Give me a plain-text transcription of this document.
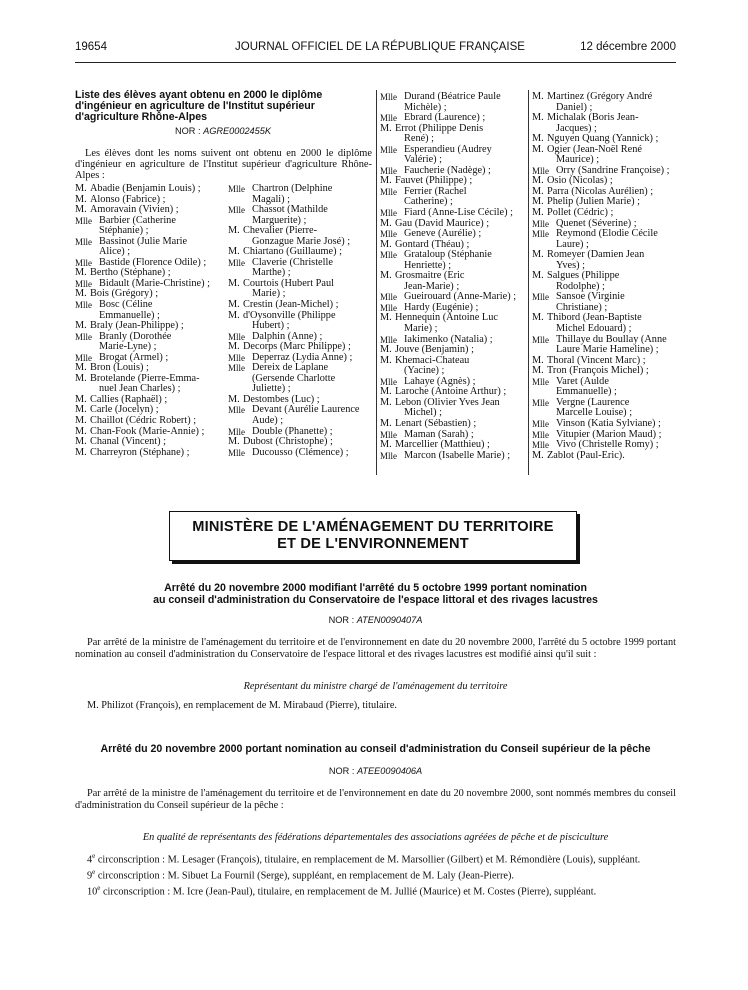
19654	JOURNAL OFFICIEL DE LA RÉPUBLIQUE FRANÇAISE	12 décembre 2000
Liste des élèves ayant obtenu en 2000 le diplôme d'ingénieur en agriculture de l'Institut supérieur d'agriculture Rhône-Alpes
NOR : AGRE0002455K
Les élèves dont les noms suivent ont obtenu en 2000 le diplôme d'ingénieur en agriculture de l'Institut supérieur d'agriculture Rhône-Alpes :
M. Abadie (Benjamin Louis) ;
M. Alonso (Fabrice) ;
M. Amoravain (Vivien) ;
Mlle Barbier (Catherine
Stéphanie) ;
Mlle Bassinot (Julie Marie
Alice) ;
Mlle Bastide (Florence Odile) ;
M. Bertho (Stéphane) ;
Mlle Bidault (Marie-Christine) ;
M. Bois (Grégory) ;
Mlle Bosc (Céline
Emmanuelle) ;
M. Braly (Jean-Philippe) ;
Mlle Branly (Dorothée
Marie-Lyne) ;
Mlle Brogat (Armel) ;
M. Bron (Louis) ;
M. Brotelande (Pierre-Emma-
nuel Jean Charles) ;
M. Callies (Raphaël) ;
M. Carle (Jocelyn) ;
M. Chaillot (Cédric Robert) ;
M. Chan-Fook (Marie-Annie) ;
M. Chanal (Vincent) ;
M. Charreyron (Stéphane) ;
Mlle Chartron (Delphine
Magali) ;
Mlle Chassot (Mathilde
Marguerite) ;
M. Chevalier (Pierre-
Gonzague Marie José) ;
M. Chiartano (Guillaume) ;
Mlle Claverie (Christelle
Marthe) ;
M. Courtois (Hubert Paul
Marie) ;
M. Crestin (Jean-Michel) ;
M. d'Oysonville (Philippe
Hubert) ;
Mlle Dalphin (Anne) ;
M. Decorps (Marc Philippe) ;
Mlle Deperraz (Lydia Anne) ;
Mlle Dereix de Laplane
(Gersende Charlotte
Juliette) ;
M. Destombes (Luc) ;
Mlle Devant (Aurélie Laurence
Aude) ;
Mlle Double (Phanette) ;
M. Dubost (Christophe) ;
Mlle Ducousso (Clémence) ;
Mlle Durand (Béatrice Paule
Michèle) ;
Mlle Ebrard (Laurence) ;
M. Errot (Philippe Denis
René) ;
Mlle Esperandieu (Audrey
Valérie) ;
Mlle Faucherie (Nadège) ;
M. Fauvet (Philippe) ;
Mlle Ferrier (Rachel
Catherine) ;
Mlle Fiard (Anne-Lise Cécile) ;
M. Gau (David Maurice) ;
Mlle Geneve (Aurélie) ;
M. Gontard (Théau) ;
Mlle Grataloup (Stéphanie
Henriette) ;
M. Grosmaitre (Eric
Jean-Marie) ;
Mlle Gueirouard (Anne-Marie) ;
Mlle Hardy (Eugénie) ;
M. Hennequin (Antoine Luc
Marie) ;
Mlle Iakimenko (Natalia) ;
M. Jouve (Benjamin) ;
M. Khemaci-Chateau
(Yacine) ;
Mlle Lahaye (Agnès) ;
M. Laroche (Antoine Arthur) ;
M. Lebon (Olivier Yves Jean
Michel) ;
M. Lenart (Sébastien) ;
Mlle Maman (Sarah) ;
M. Marcellier (Matthieu) ;
Mlle Marcon (Isabelle Marie) ;
M. Martinez (Grégory André
Daniel) ;
M. Michalak (Boris Jean-
Jacques) ;
M. Nguyen Quang (Yannick) ;
M. Ogier (Jean-Noël René
Maurice) ;
Mlle Orry (Sandrine Françoise) ;
M. Osio (Nicolas) ;
M. Parra (Nicolas Aurélien) ;
M. Phelip (Julien Marie) ;
M. Pollet (Cédric) ;
Mlle Quenet (Séverine) ;
Mlle Reymond (Elodie Cécile
Laure) ;
M. Romeyer (Damien Jean
Yves) ;
M. Salgues (Philippe
Rodolphe) ;
Mlle Sansoe (Virginie
Christiane) ;
M. Thibord (Jean-Baptiste
Michel Edouard) ;
Mlle Thillaye du Boullay (Anne
Laure Marie Hameline) ;
M. Thoral (Vincent Marc) ;
M. Tron (François Michel) ;
Mlle Varet (Aulde
Emmanuelle) ;
Mlle Vergne (Laurence
Marcelle Louise) ;
Mlle Vinson (Katia Sylviane) ;
Mlle Vitupier (Marion Maud) ;
Mlle Vivo (Christelle Romy) ;
M. Zablot (Paul-Eric).
MINISTÈRE DE L'AMÉNAGEMENT DU TERRITOIRE
ET DE L'ENVIRONNEMENT
Arrêté du 20 novembre 2000 modifiant l'arrêté du 5 octobre 1999 portant nomination
au conseil d'administration du Conservatoire de l'espace littoral et des rivages lacustres
NOR : ATEN0090407A
Par arrêté de la ministre de l'aménagement du territoire et de l'environnement en date du 20 novembre 2000, l'arrêté du 5 octobre 1999 portant nomination au conseil d'administration du Conservatoire de l'espace littoral et des rivages lacustres est modifié ainsi qu'il suit :
Représentant du ministre chargé de l'aménagement du territoire
M. Philizot (François), en remplacement de M. Mirabaud (Pierre), titulaire.
Arrêté du 20 novembre 2000 portant nomination au conseil d'administration du Conseil supérieur de la pêche
NOR : ATEE0090406A
Par arrêté de la ministre de l'aménagement du territoire et de l'environnement en date du 20 novembre 2000, sont nommés membres du conseil d'administration du Conseil supérieur de la pêche :
En qualité de représentants des fédérations départementales des associations agréées de pêche et de pisciculture
4e circonscription : M. Lesager (François), titulaire, en remplacement de M. Marsollier (Gilbert) et M. Rémondière (Louis), suppléant.
9e circonscription : M. Sibuet La Fournil (Serge), suppléant, en remplacement de M. Laly (Jean-Pierre).
10e circonscription : M. Icre (Jean-Paul), titulaire, en remplacement de M. Jullié (Maurice) et M. Costes (Pierre), suppléant.
